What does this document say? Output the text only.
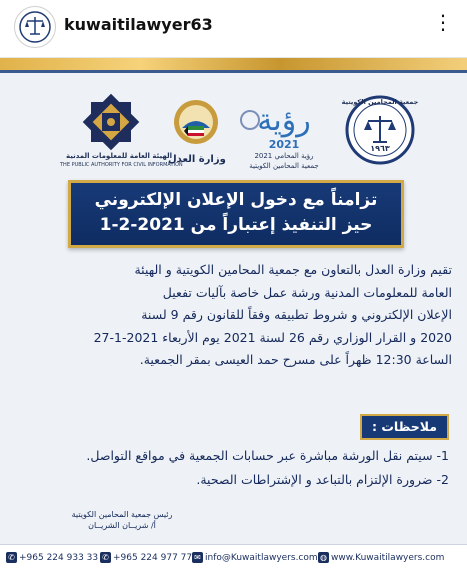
kuwaitilawyer63	⋮
الهيئة العامة للمعلومات المدنية
THE PUBLIC AUTHORITY FOR CIVIL INFORMATION
وزارة العدل
رؤية
2021
رؤية المحامي 2021
جمعية المحامين الكويتية
جمعية المحامين الكويتية
١٩٦٣
تزامناً مع دخول الإعلان الإلكتروني
حيز التنفيذ إعتباراً من 2021-2-1
تقيم وزارة العدل بالتعاون مع جمعية المحامين الكويتية و الهيئة
العامة للمعلومات المدنية ورشة عمل خاصة بآليات تفعيل
الإعلان الإلكتروني و شروط تطبيقه وفقاً للقانون رقم 9 لسنة
2020 و القرار الوزاري رقم 26 لسنة 2021 يوم الأربعاء 2021-1-27
الساعة 12:30 ظهراً على مسرح حمد العيسى بمقر الجمعية.
ملاحظات :
1- سيتم نقل الورشة مباشرة عبر حسابات الجمعية في مواقع التواصل.
2- ضرورة الإلتزام بالتباعد و الإشتراطات الصحية.
رئيس جمعية المحامين الكويتية
أ/ شريــان الشريــان
✆ +965 224 933 33 ✆ +965 224 977 77 ✉ info@Kuwaitlawyers.com ◍ www.Kuwaitilawyers.com
